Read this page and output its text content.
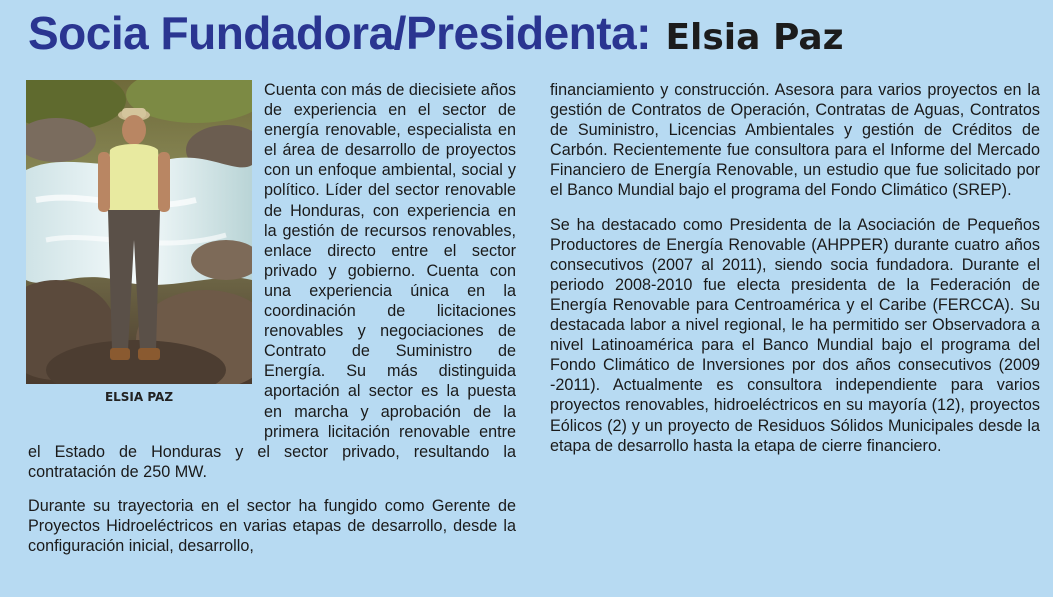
Socia Fundadora/Presidenta: Elsia Paz
ELSIA PAZ

Cuenta con más de diecisiete años de experiencia en el sector de energía renovable, especialista en el área de desarrollo de proyectos con un enfoque ambiental, social y político. Líder del sector renovable de Honduras, con experiencia en la gestión de recursos renovables, enlace directo entre el sector privado y gobierno. Cuenta con una experiencia única en la coordinación de licitaciones renovables y negociaciones de Contrato de Suministro de Energía. Su más distinguida aportación al sector es la puesta en marcha y aprobación de la primera licitación renovable entre el Estado de Honduras y el sector privado, resultando la contratación de 250 MW.

Durante su trayectoria en el sector ha fungido como Gerente de Proyectos Hidroeléctricos en varias etapas de desarrollo, desde la configuración inicial, desarrollo,

financiamiento y construcción. Asesora para varios proyectos en la gestión de Contratos de Operación, Contratas de Aguas, Contratos de Suministro, Licencias Ambientales y gestión de Créditos de Carbón. Recientemente fue consultora para el Informe del Mercado Financiero de Energía Renovable, un estudio que fue solicitado por el Banco Mundial bajo el programa del Fondo Climático (SREP).

Se ha destacado como Presidenta de la Asociación de Pequeños Productores de Energía Renovable (AHPPER) durante cuatro años consecutivos (2007 al 2011), siendo socia fundadora. Durante el periodo 2008-2010 fue electa presidenta de la Federación de Energía Renovable para Centroamérica y el Caribe (FERCCA). Su destacada labor a nivel regional, le ha permitido ser Observadora a nivel Latinoamérica para el Banco Mundial bajo el programa del Fondo Climático de Inversiones por dos años consecutivos (2009 -2011). Actualmente es consultora independiente para varios proyectos renovables, hidroeléctricos en su mayoría (12), proyectos Eólicos (2) y un proyecto de Residuos Sólidos Municipales desde la etapa de desarrollo hasta la etapa de cierre financiero.
